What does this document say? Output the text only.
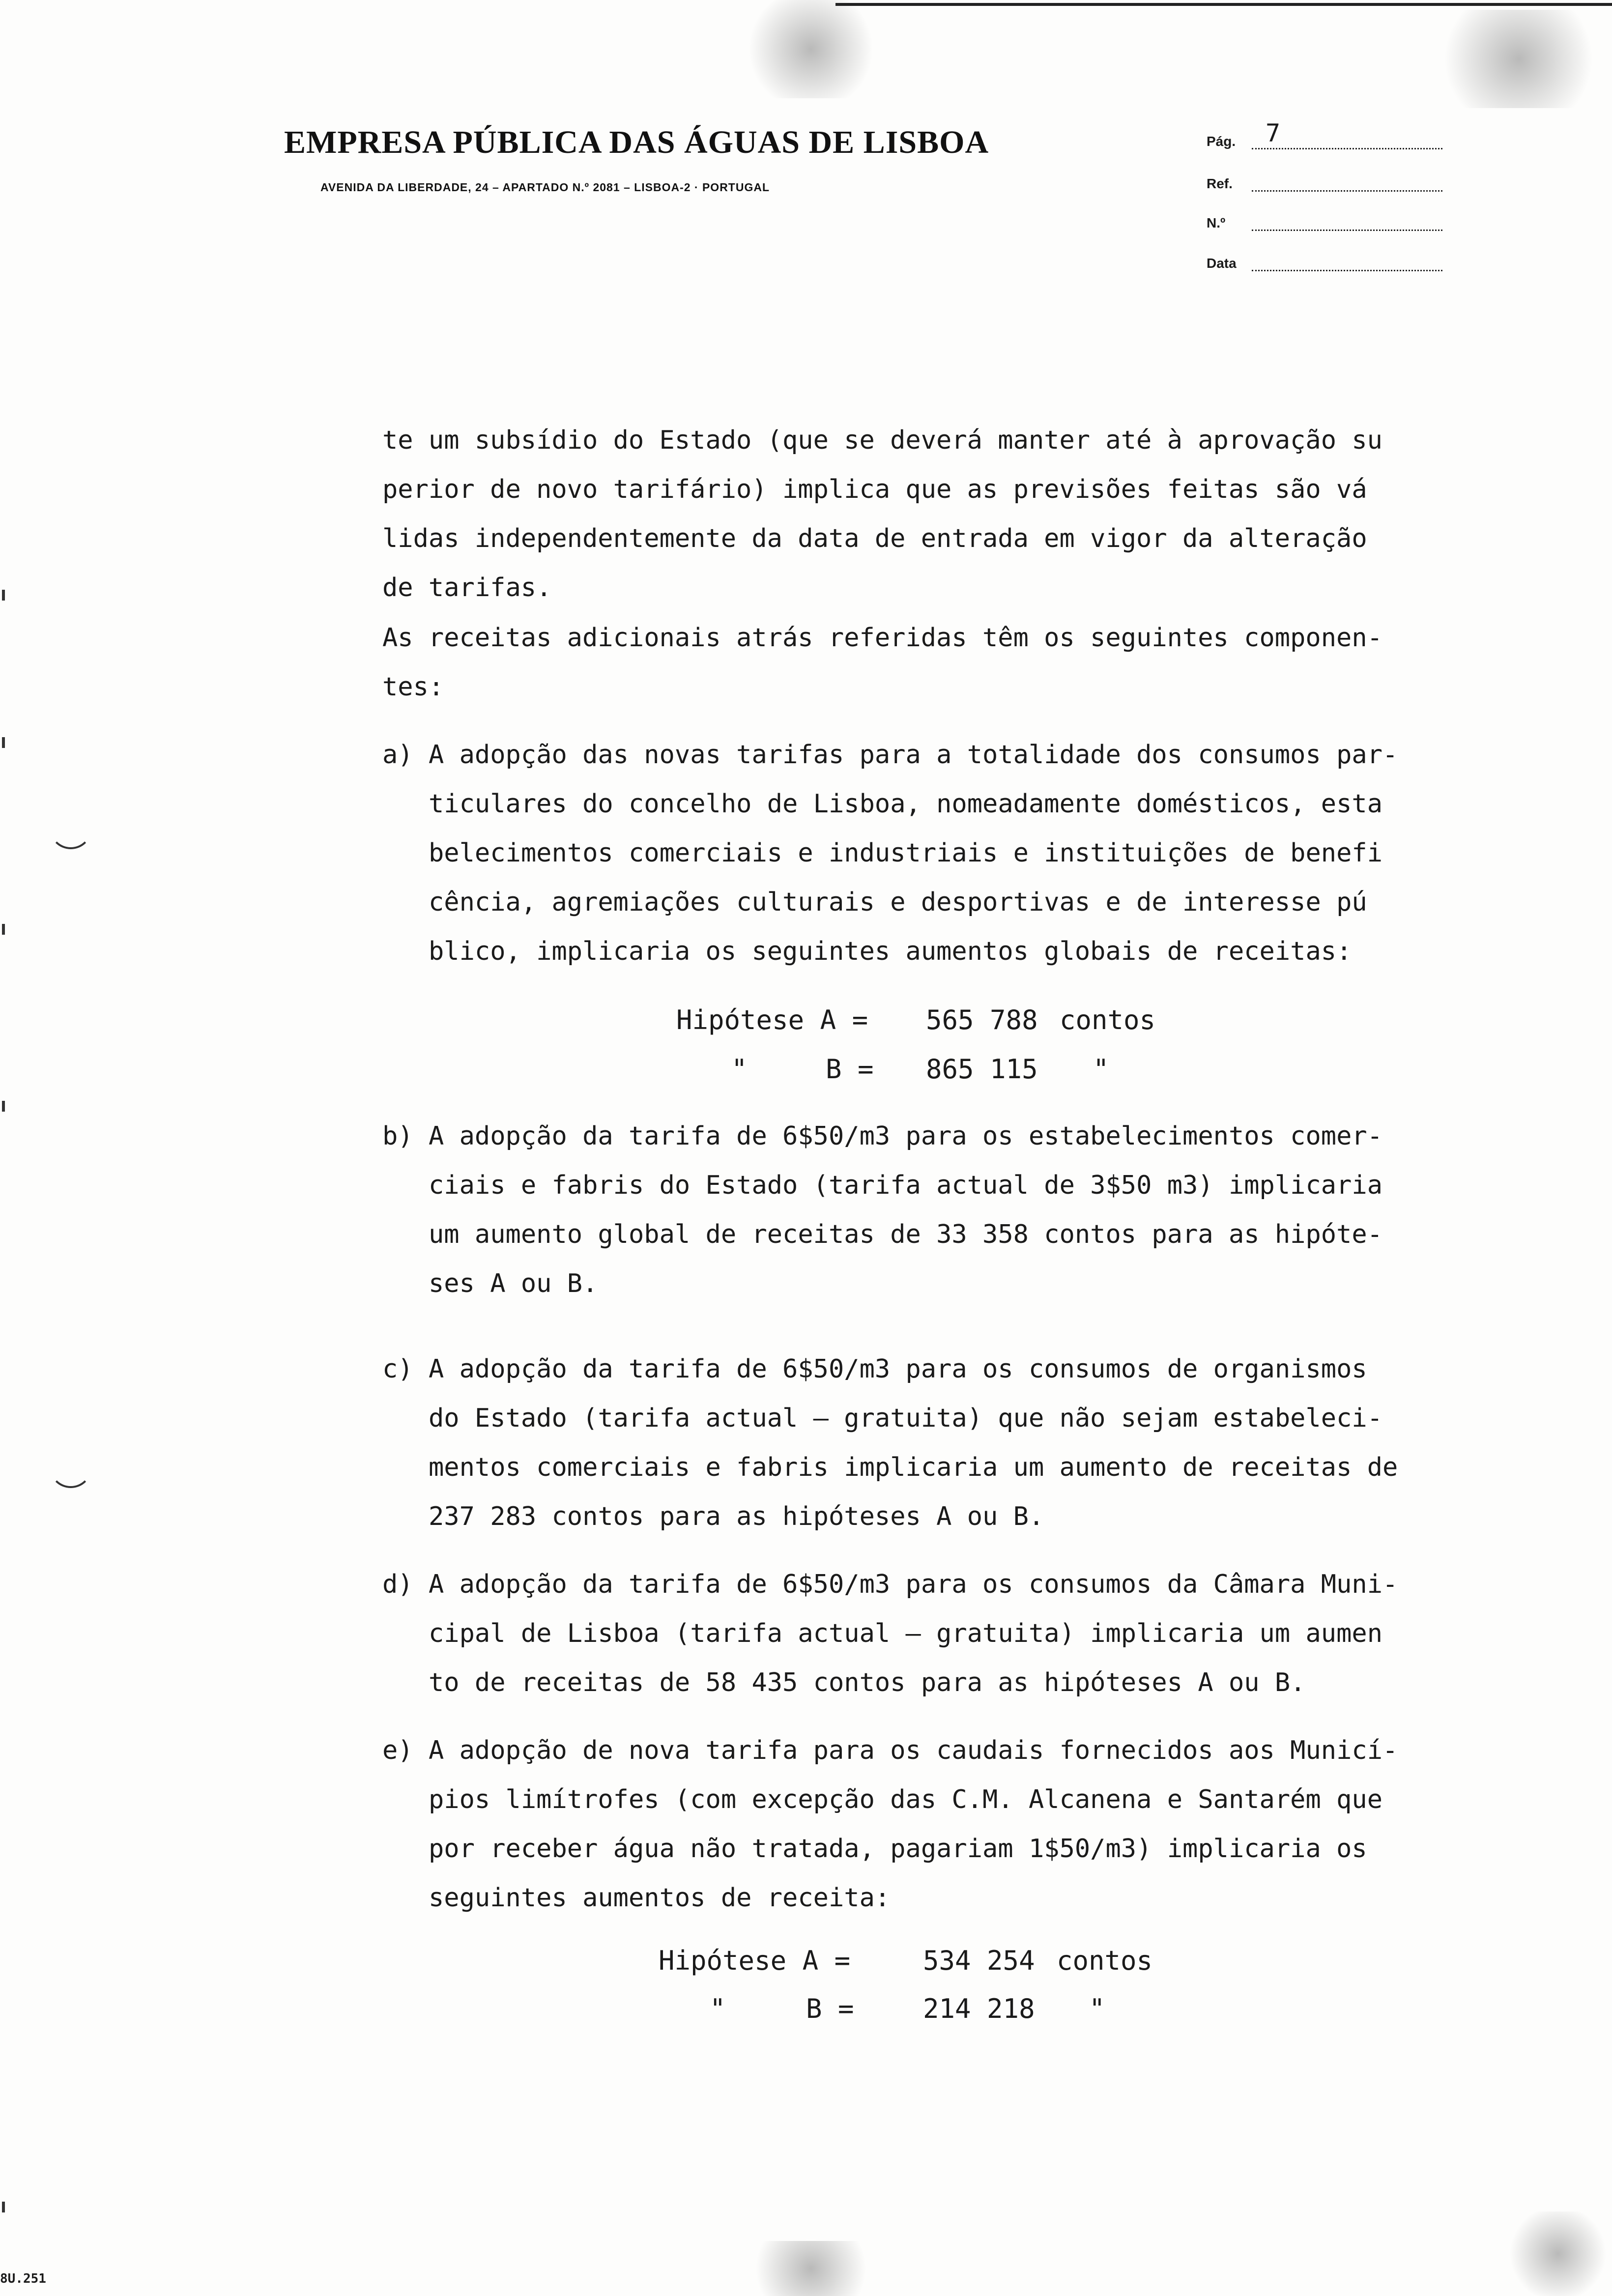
EMPRESA PÚBLICA DAS ÁGUAS DE LISBOA
AVENIDA DA LIBERDADE, 24 – APARTADO N.º 2081 – LISBOA-2 · PORTUGAL
Pág. 7
Ref.
N.º
Data
te um subsídio do Estado (que se deverá manter até à aprovação su
perior de novo tarifário) implica que as previsões feitas são vá
lidas independentemente da data de entrada em vigor da alteração
de tarifas.
As receitas adicionais atrás referidas têm os seguintes componen-
tes:
a) A adopção das novas tarifas para a totalidade dos consumos par-
ticulares do concelho de Lisboa, nomeadamente domésticos, esta
belecimentos comerciais e industriais e instituições de benefi
cência, agremiações culturais e desportivas e de interesse pú
blico, implicaria os seguintes aumentos globais de receitas:
Hipótese A = 565 788 contos
"	B = 865 115 "
b) A adopção da tarifa de 6$50/m3 para os estabelecimentos comer-
ciais e fabris do Estado (tarifa actual de 3$50 m3) implicaria
um aumento global de receitas de 33 358 contos para as hipóte-
ses A ou B.
c) A adopção da tarifa de 6$50/m3 para os consumos de organismos
do Estado (tarifa actual – gratuita) que não sejam estabeleci-
mentos comerciais e fabris implicaria um aumento de receitas de
237 283 contos para as hipóteses A ou B.
d) A adopção da tarifa de 6$50/m3 para os consumos da Câmara Muni-
cipal de Lisboa (tarifa actual – gratuita) implicaria um aumen
to de receitas de 58 435 contos para as hipóteses A ou B.
e) A adopção de nova tarifa para os caudais fornecidos aos Municí-
pios limítrofes (com excepção das C.M. Alcanena e Santarém que
por receber água não tratada, pagariam 1$50/m3) implicaria os
seguintes aumentos de receita:
Hipótese A =	534 254 contos
"	B =	214 218 "
8U.251
